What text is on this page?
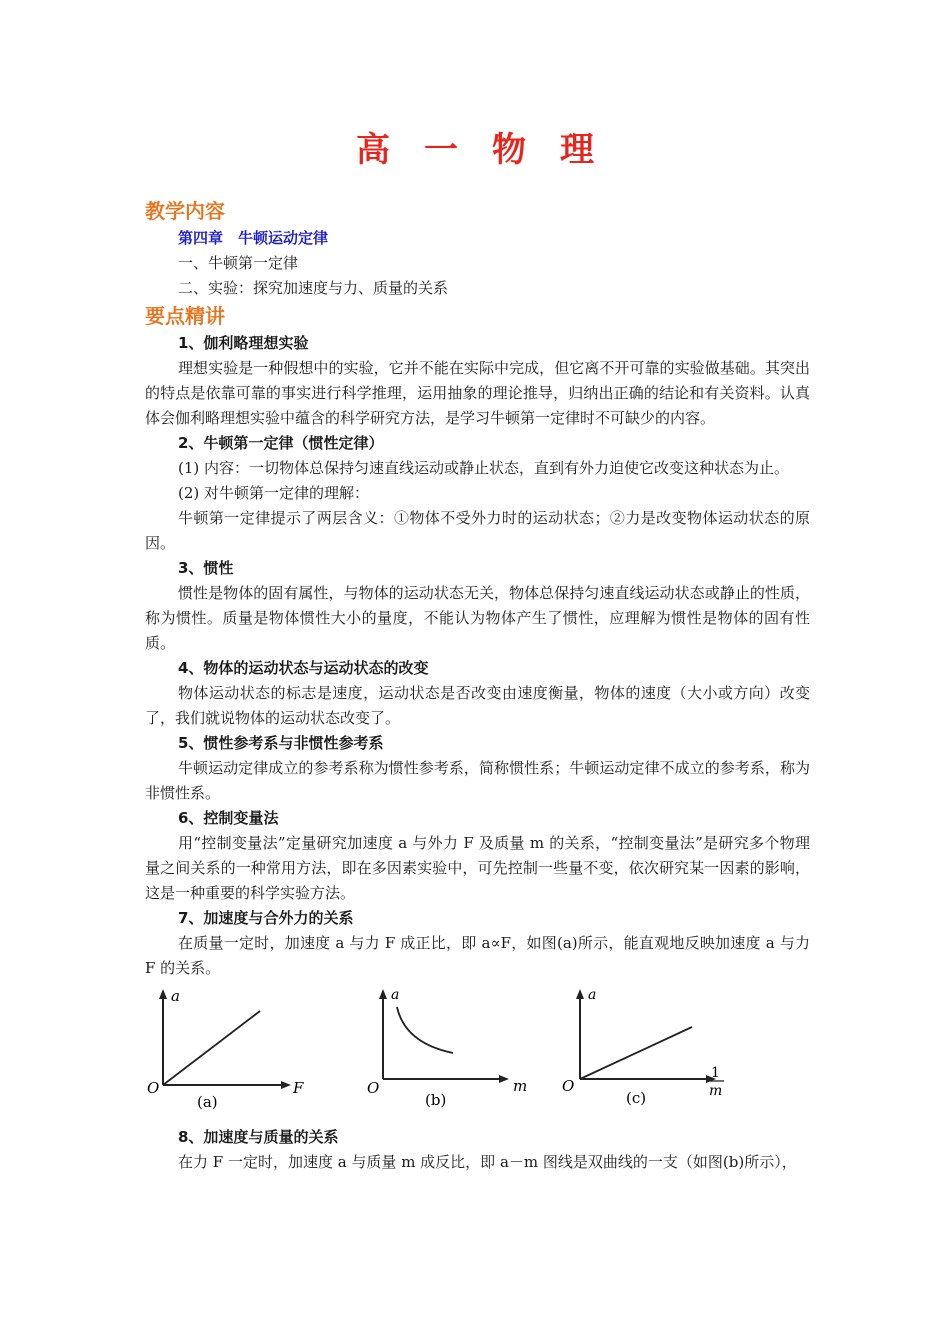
高　一　物　理
教学内容
第四章　牛顿运动定律
一、牛顿第一定律
二、实验：探究加速度与力、质量的关系
要点精讲
1、伽利略理想实验

理想实验是一种假想中的实验，它并不能在实际中完成，但它离不开可靠的实验做基础。其突出的特点是依靠可靠的事实进行科学推理，运用抽象的理论推导，归纳出正确的结论和有关资料。认真体会伽利略理想实验中蕴含的科学研究方法，是学习牛顿第一定律时不可缺少的内容。

2、牛顿第一定律（惯性定律）

(1) 内容：一切物体总保持匀速直线运动或静止状态，直到有外力迫使它改变这种状态为止。

(2) 对牛顿第一定律的理解：

牛顿第一定律提示了两层含义：①物体不受外力时的运动状态；②力是改变物体运动状态的原因。

3、惯性

惯性是物体的固有属性，与物体的运动状态无关，物体总保持匀速直线运动状态或静止的性质，称为惯性。质量是物体惯性大小的量度，不能认为物体产生了惯性，应理解为惯性是物体的固有性质。

4、物体的运动状态与运动状态的改变

物体运动状态的标志是速度，运动状态是否改变由速度衡量，物体的速度（大小或方向）改变了，我们就说物体的运动状态改变了。

5、惯性参考系与非惯性参考系

牛顿运动定律成立的参考系称为惯性参考系，简称惯性系；牛顿运动定律不成立的参考系，称为非惯性系。

6、控制变量法

用“控制变量法”定量研究加速度 a 与外力 F 及质量 m 的关系，“控制变量法”是研究多个物理量之间关系的一种常用方法，即在多因素实验中，可先控制一些量不变，依次研究某一因素的影响，这是一种重要的科学实验方法。

7、加速度与合外力的关系

在质量一定时，加速度 a 与力 F 成正比，即 a∝F，如图(a)所示，能直观地反映加速度 a 与力 F 的关系。

a
F
O
(a)
a
m
O
(b)
a
1
m
O
(c)
8、加速度与质量的关系

在力 F 一定时，加速度 a 与质量 m 成反比，即 a－m 图线是双曲线的一支（如图(b)所示），
